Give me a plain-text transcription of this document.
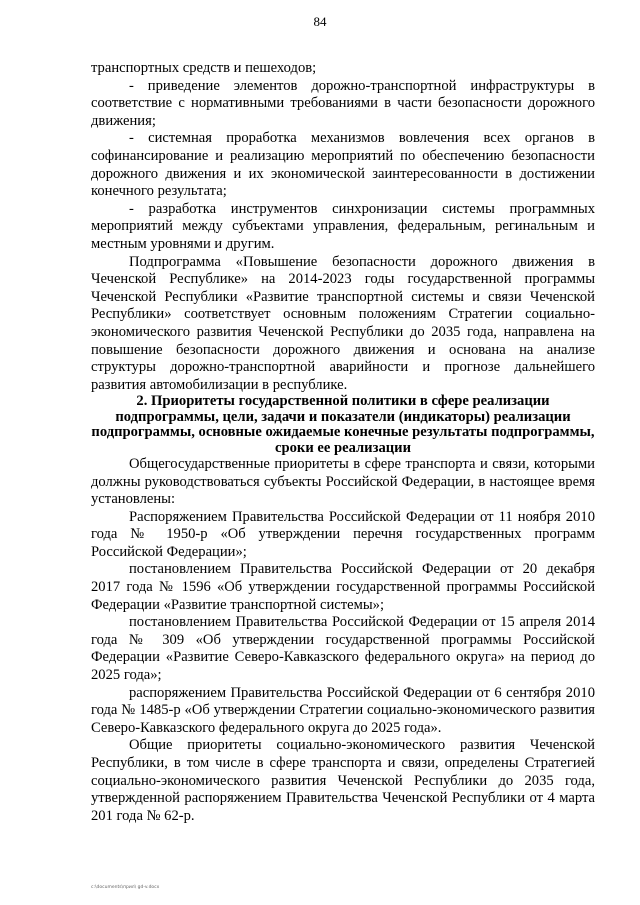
84

транспортных средств и пешеходов;

- приведение элементов дорожно-транспортной инфраструктуры в соответствие с нормативными требованиями в части безопасности дорожного движения;

- системная проработка механизмов вовлечения всех органов в софинансирование и реализацию мероприятий по обеспечению безопасности дорожного движения и их экономической заинтересованности в достижении конечного результата;

- разработка инструментов синхронизации системы программных мероприятий между субъектами управления, федеральным, регинальным и местным уровнями и другим.

Подпрограмма «Повышение безопасности дорожного движения в Чеченской Республике» на 2014-2023 годы государственной программы Чеченской Республики «Развитие транспортной системы и связи Чеченской Республики» соответствует основным положениям Стратегии социально-экономического развития Чеченской Республики до 2035 года, направлена на повышение безопасности дорожного движения и основана на анализе структуры дорожно-транспортной аварийности и прогнозе дальнейшего развития автомобилизации в республике.

2. Приоритеты государственной политики в сфере реализации подпрограммы, цели, задачи и показатели (индикаторы) реализации подпрограммы, основные ожидаемые конечные результаты подпрограммы, сроки ее реализации

Общегосударственные приоритеты в сфере транспорта и связи, которыми должны руководствоваться субъекты Российской Федерации, в настоящее время установлены:

Распоряжением Правительства Российской Федерации от 11 ноября 2010 года № 1950-р «Об утверждении перечня государственных программ Российской Федерации»;

постановлением Правительства Российской Федерации от 20 декабря 2017 года № 1596 «Об утверждении государственной программы Российской Федерации «Развитие транспортной системы»;

постановлением Правительства Российской Федерации от 15 апреля 2014 года № 309 «Об утверждении государственной программы Российской Федерации «Развитие Северо-Кавказского федерального округа» на период до 2025 года»;

распоряжением Правительства Российской Федерации от 6 сентября 2010 года № 1485-р «Об утверждении Стратегии социально-экономического развития Северо-Кавказского федерального округа до 2025 года».

Общие приоритеты социально-экономического развития Чеченской Республики, в том числе в сфере транспорта и связи, определены Стратегией социально-экономического развития Чеченской Республики до 2035 года, утвержденной распоряжением Правительства Чеченской Республики от 4 марта 201 года № 62-р.

c:\documents\прил\ gd-v.docx
